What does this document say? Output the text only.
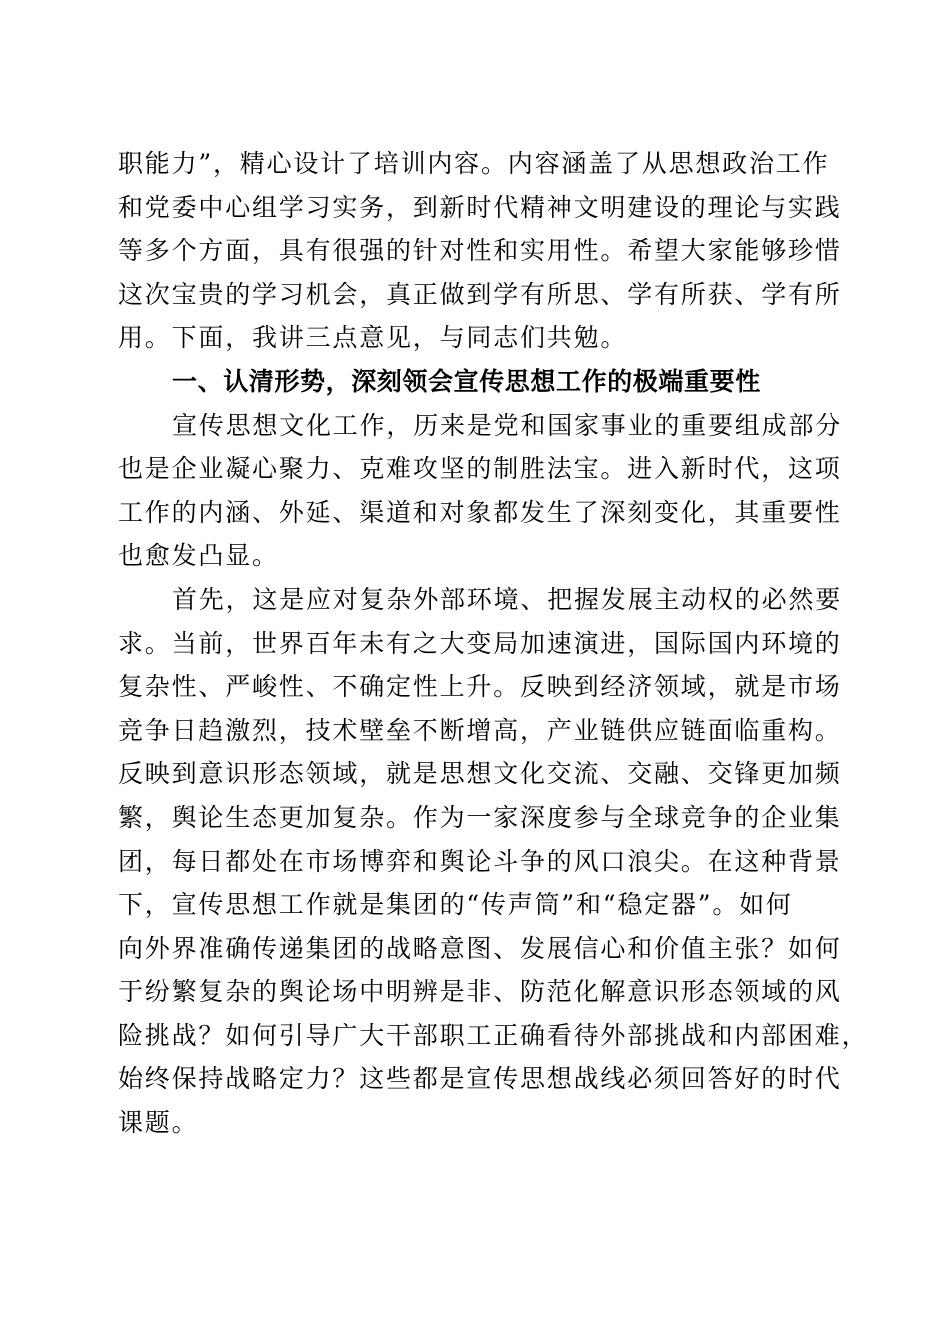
职能力”，精心设计了培训内容。内容涵盖了从思想政治工作
和党委中心组学习实务，到新时代精神文明建设的理论与实践
等多个方面，具有很强的针对性和实用性。希望大家能够珍惜
这次宝贵的学习机会，真正做到学有所思、学有所获、学有所
用。下面，我讲三点意见，与同志们共勉。
一、认清形势，深刻领会宣传思想工作的极端重要性
宣传思想文化工作，历来是党和国家事业的重要组成部分
也是企业凝心聚力、克难攻坚的制胜法宝。进入新时代，这项
工作的内涵、外延、渠道和对象都发生了深刻变化，其重要性
也愈发凸显。
首先，这是应对复杂外部环境、把握发展主动权的必然要
求。当前，世界百年未有之大变局加速演进，国际国内环境的
复杂性、严峻性、不确定性上升。反映到经济领域，就是市场
竞争日趋激烈，技术壁垒不断增高，产业链供应链面临重构。
反映到意识形态领域，就是思想文化交流、交融、交锋更加频
繁，舆论生态更加复杂。作为一家深度参与全球竞争的企业集
团，每日都处在市场博弈和舆论斗争的风口浪尖。在这种背景
下，宣传思想工作就是集团的“传声筒”和“稳定器”。如何
向外界准确传递集团的战略意图、发展信心和价值主张？如何
于纷繁复杂的舆论场中明辨是非、防范化解意识形态领域的风
险挑战？如何引导广大干部职工正确看待外部挑战和内部困难，
始终保持战略定力？这些都是宣传思想战线必须回答好的时代
课题。
